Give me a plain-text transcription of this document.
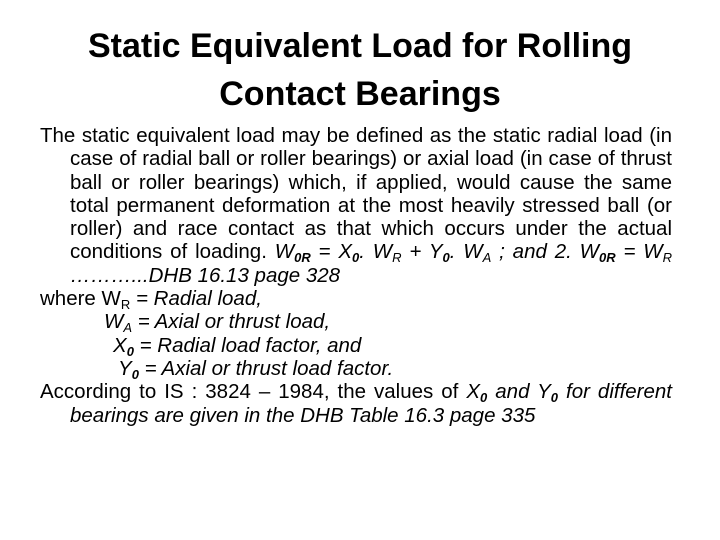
Static Equivalent Load for Rolling
Contact Bearings

The static equivalent load may be defined as the static radial load (in case of radial ball or roller bearings) or axial load (in case of thrust ball or roller bearings) which, if applied, would cause the same total permanent deformation at the most heavily stressed ball (or roller) and race contact as that which occurs under the actual conditions of loading. $W_{0R} = X_0$. $W_R + Y_0$. $W_A$ ; and 2. $W_{0R} = W_R$ ………...DHB 16.13 page 328

where $W_R$ = Radial load,

$W_A$ = Axial or thrust load,

$X_0$ = Radial load factor, and

$Y_0$ = Axial or thrust load factor.

According to IS : 3824 – 1984, the values of $X_0$ and $Y_0$ for different bearings are given in the DHB Table 16.3 page 335
